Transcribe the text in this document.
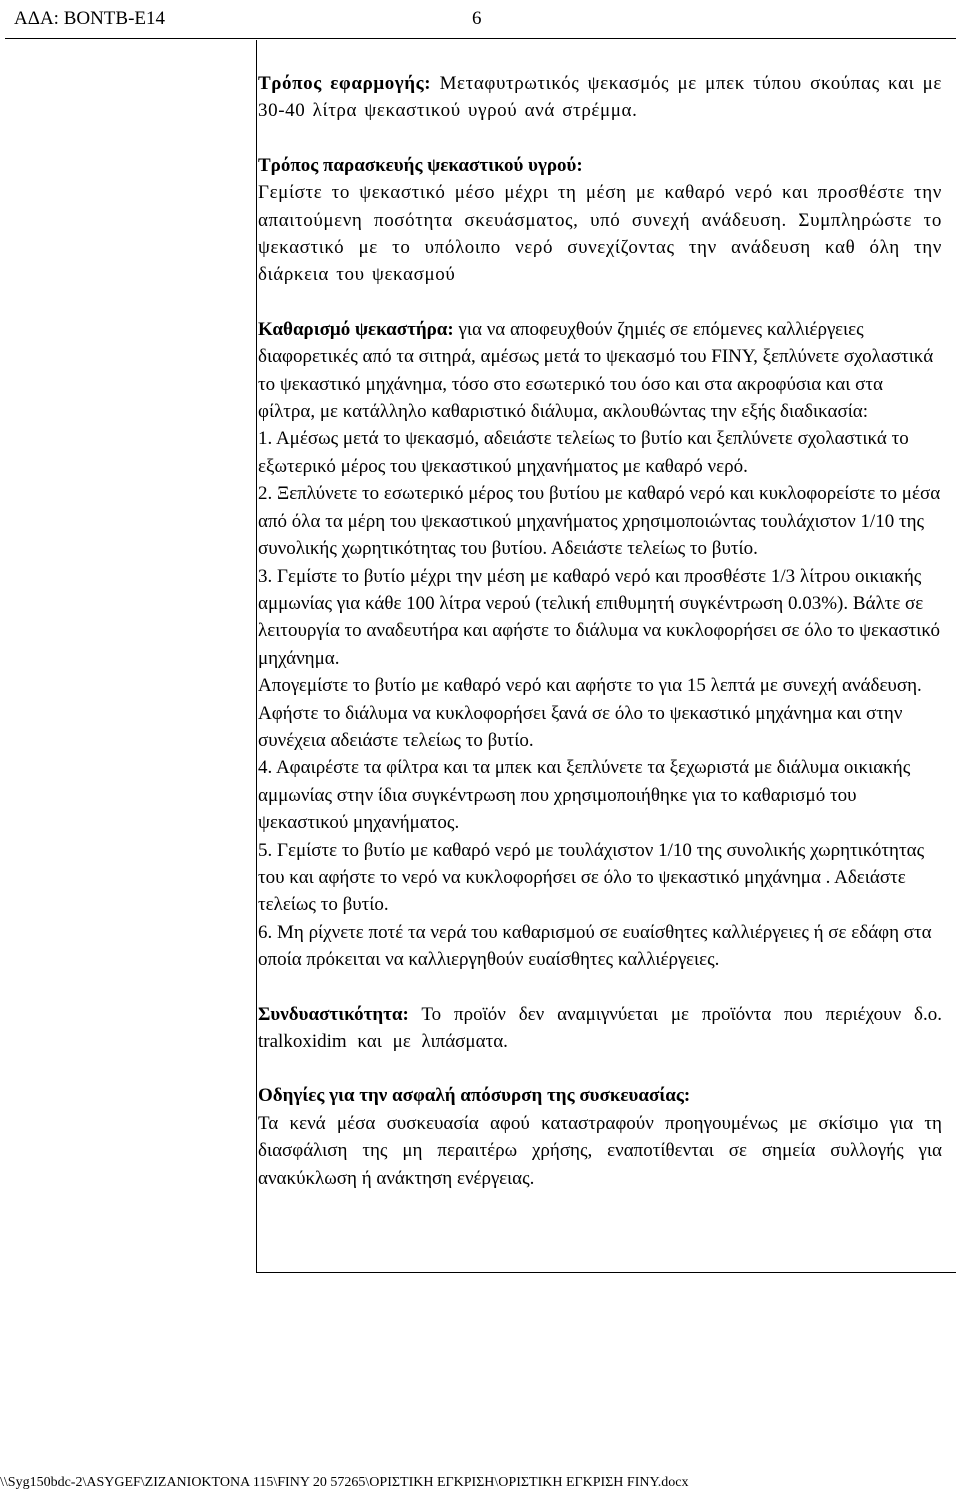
ΑΔΑ: ΒΟΝΤΒ-Ε14	6

Τρόπος εφαρμογής: Μεταφυτρωτικός ψεκασμός με μπεκ τύπου σκούπας και με 30-40 λίτρα ψεκαστικού υγρού ανά στρέμμα.

Τρόπος παρασκευής ψεκαστικού υγρού:

Γεμίστε το ψεκαστικό μέσο μέχρι τη μέση με καθαρό νερό και προσθέστε την απαιτούμενη ποσότητα σκευάσματος, υπό συνεχή ανάδευση. Συμπληρώστε το ψεκαστικό με το υπόλοιπο νερό συνεχίζοντας την ανάδευση καθ όλη την διάρκεια του ψεκασμού

Καθαρισμό ψεκαστήρα: για να αποφευχθούν ζημιές σε επόμενες καλλιέργειες διαφορετικές από τα σιτηρά, αμέσως μετά το ψεκασμό του FINY, ξεπλύνετε σχολαστικά το ψεκαστικό μηχάνημα, τόσο στο εσωτερικό του όσο και στα ακροφύσια και στα φίλτρα, με κατάλληλο καθαριστικό διάλυμα, ακλουθώντας την εξής διαδικασία:

1. Αμέσως μετά το ψεκασμό, αδειάστε τελείως το βυτίο και ξεπλύνετε σχολαστικά το εξωτερικό μέρος του ψεκαστικού μηχανήματος με καθαρό νερό.

2. Ξεπλύνετε το εσωτερικό μέρος του βυτίου με καθαρό νερό και κυκλοφορείστε το μέσα από όλα τα μέρη του ψεκαστικού μηχανήματος χρησιμοποιώντας τουλάχιστον 1/10 της συνολικής χωρητικότητας του βυτίου. Αδειάστε τελείως το βυτίο.

3. Γεμίστε το βυτίο μέχρι την μέση με καθαρό νερό και προσθέστε 1/3 λίτρου οικιακής αμμωνίας για κάθε 100 λίτρα νερού (τελική επιθυμητή συγκέντρωση 0.03%). Βάλτε σε λειτουργία το αναδευτήρα και αφήστε το διάλυμα να κυκλοφορήσει σε όλο το ψεκαστικό μηχάνημα.

Απογεμίστε το βυτίο με καθαρό νερό και αφήστε το για 15 λεπτά με συνεχή ανάδευση. Αφήστε το διάλυμα να κυκλοφορήσει ξανά σε όλο το ψεκαστικό μηχάνημα και στην συνέχεια αδειάστε τελείως το βυτίο.

4. Αφαιρέστε τα φίλτρα και τα μπεκ και ξεπλύνετε τα ξεχωριστά με διάλυμα οικιακής αμμωνίας στην ίδια συγκέντρωση που χρησιμοποιήθηκε για το καθαρισμό του ψεκαστικού μηχανήματος.

5. Γεμίστε το βυτίο με καθαρό νερό με τουλάχιστον 1/10 της συνολικής χωρητικότητας του και αφήστε το νερό να κυκλοφορήσει σε όλο το ψεκαστικό μηχάνημα . Αδειάστε τελείως το βυτίο.

6. Μη ρίχνετε ποτέ τα νερά του καθαρισμού σε ευαίσθητες καλλιέργειες ή σε εδάφη στα οποία πρόκειται να καλλιεργηθούν ευαίσθητες καλλιέργειες.

Συνδυαστικότητα: Το προϊόν δεν αναμιγνύεται με προϊόντα που περιέχουν δ.ο. tralkoxidim και με λιπάσματα.

Οδηγίες για την ασφαλή απόσυρση της συσκευασίας:

Τα κενά μέσα συσκευασία αφού καταστραφούν προηγουμένως με σκίσιμο για τη διασφάλιση της μη περαιτέρω χρήσης, εναποτίθενται σε σημεία συλλογής για ανακύκλωση ή ανάκτηση ενέργειας.

\\Syg150bdc-2\ASYGEF\ZIZANIOKTONA 115\FINY 20 57265\ΟΡΙΣΤΙΚΗ ΕΓΚΡΙΣΗ\ΟΡΙΣΤΙΚΗ ΕΓΚΡΙΣΗ FINY.docx
